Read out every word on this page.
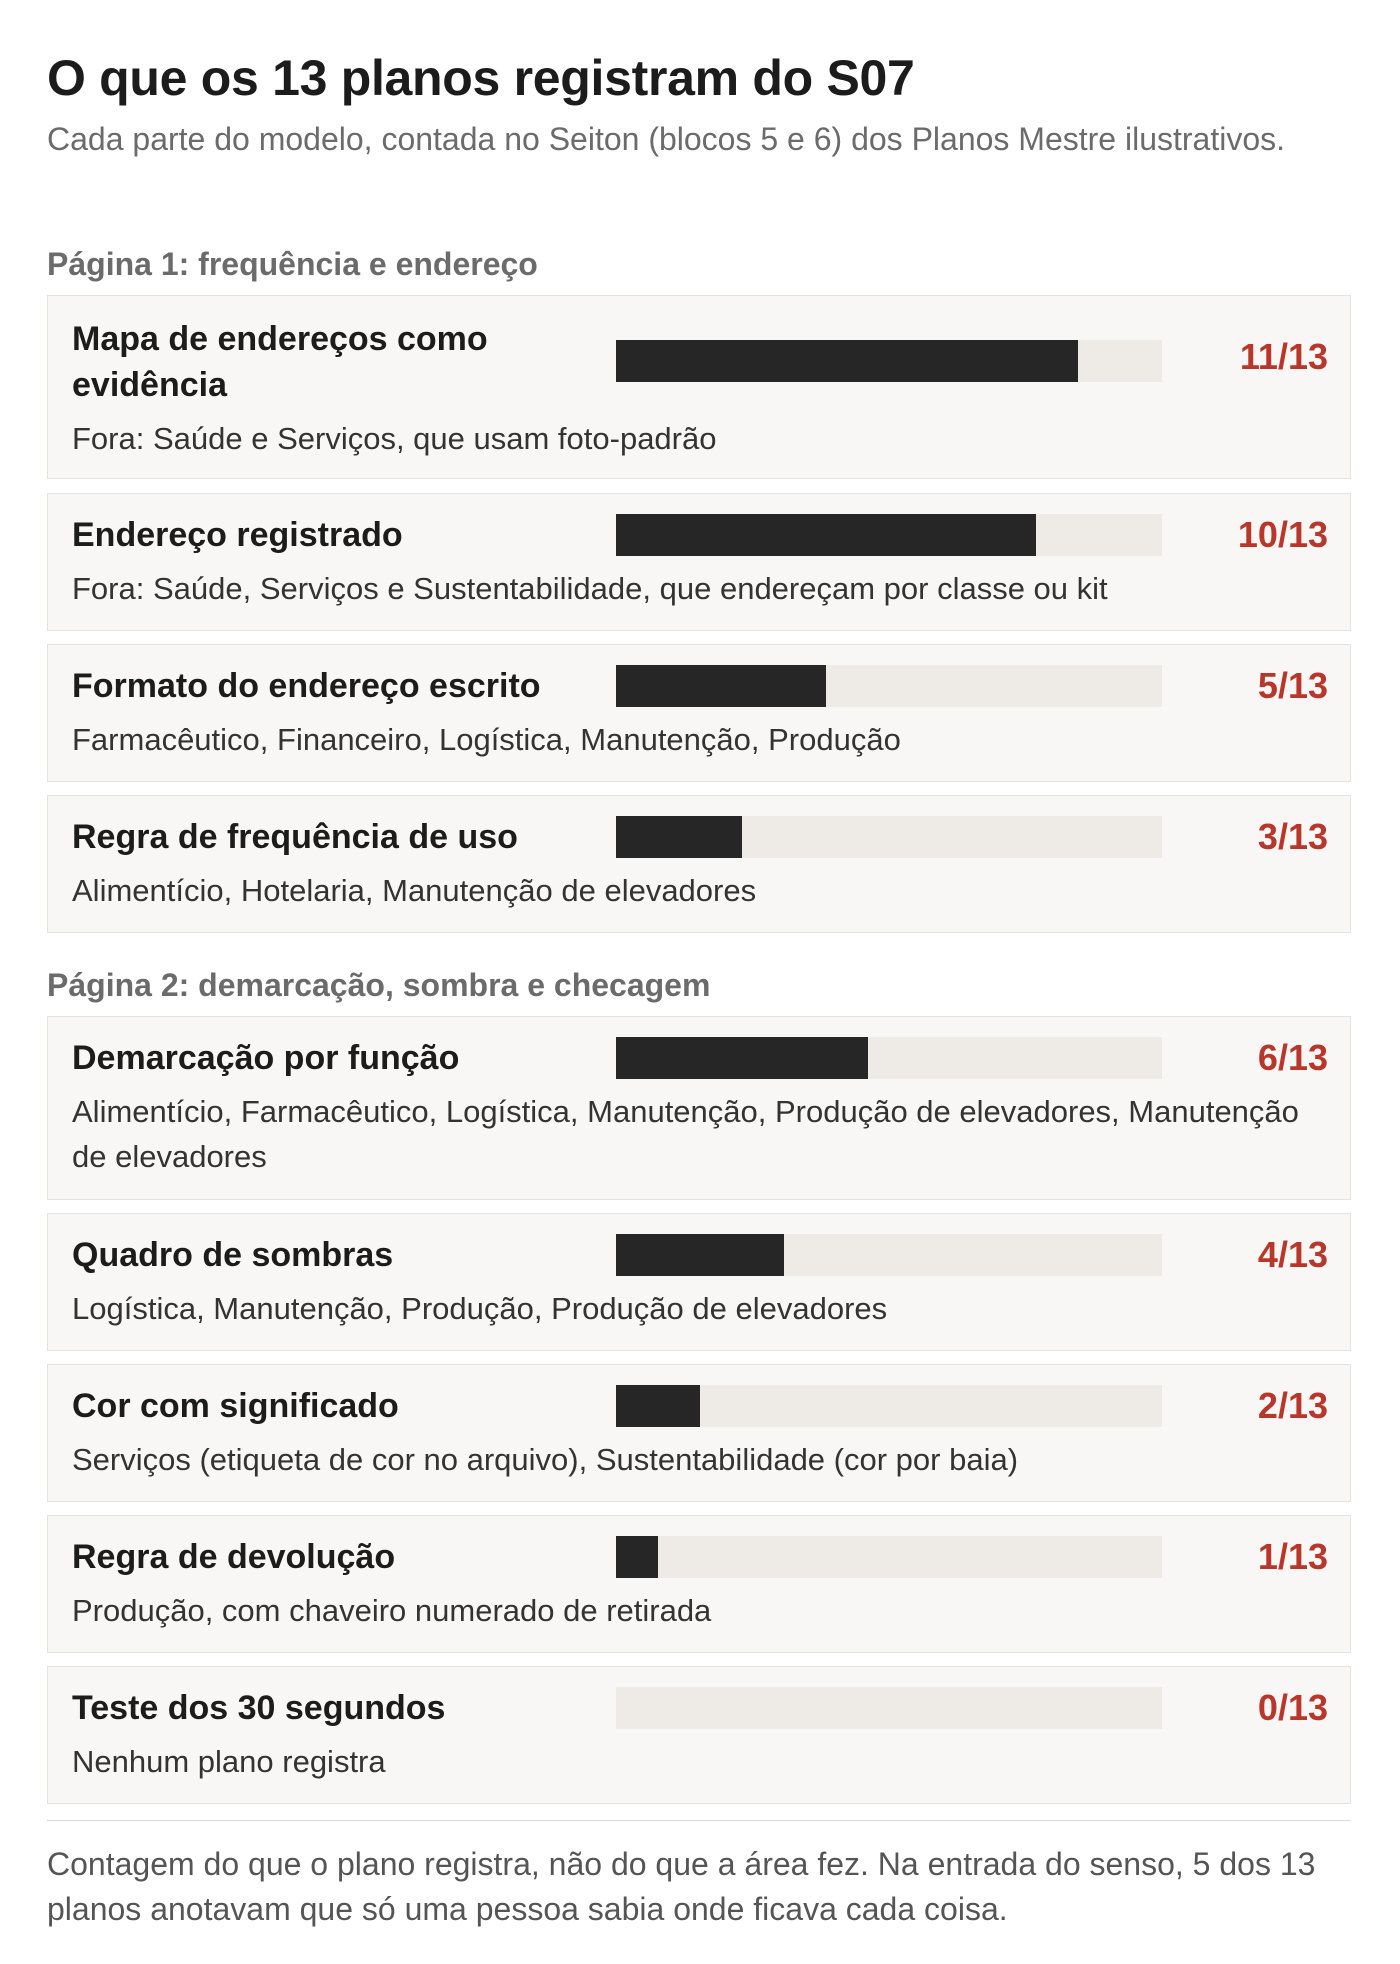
O que os 13 planos registram do S07

Cada parte do modelo, contada no Seiton (blocos 5 e 6) dos Planos Mestre ilustrativos.

Página 1: frequência e endereço
Mapa de endereços como evidência
11/13
Fora: Saúde e Serviços, que usam foto-padrão
Endereço registrado	10/13
Fora: Saúde, Serviços e Sustentabilidade, que endereçam por classe ou kit
Formato do endereço escrito	5/13
Farmacêutico, Financeiro, Logística, Manutenção, Produção
Regra de frequência de uso	3/13
Alimentício, Hotelaria, Manutenção de elevadores
Página 2: demarcação, sombra e checagem
Demarcação por função	6/13
Alimentício, Farmacêutico, Logística, Manutenção, Produção de elevadores, Manutenção de elevadores
Quadro de sombras	4/13
Logística, Manutenção, Produção, Produção de elevadores
Cor com significado	2/13
Serviços (etiqueta de cor no arquivo), Sustentabilidade (cor por baia)
Regra de devolução	1/13
Produção, com chaveiro numerado de retirada
Teste dos 30 segundos	0/13
Nenhum plano registra

Contagem do que o plano registra, não do que a área fez. Na entrada do senso, 5 dos 13 planos anotavam que só uma pessoa sabia onde ficava cada coisa.
